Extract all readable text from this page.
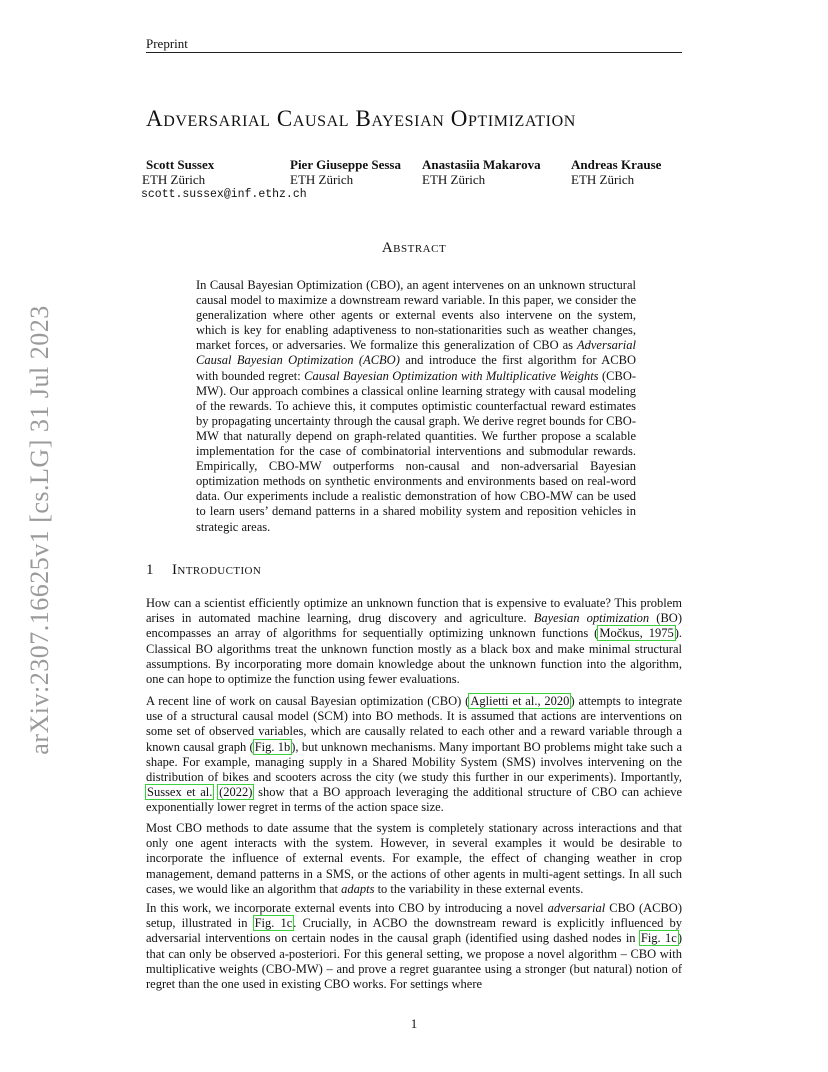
Preprint
arXiv:2307.16625v1 [cs.LG] 31 Jul 2023
Adversarial Causal Bayesian Optimization
Scott Sussex
ETH Zürich
Pier Giuseppe Sessa
ETH Zürich
Anastasiia Makarova
ETH Zürich
Andreas Krause
ETH Zürich
scott.sussex@inf.ethz.ch
Abstract
In Causal Bayesian Optimization (CBO), an agent intervenes on an unknown structural causal model to maximize a downstream reward variable. In this paper, we consider the generalization where other agents or external events also intervene on the system, which is key for enabling adaptiveness to non-stationarities such as weather changes, market forces, or adversaries. We formalize this generalization of CBO as Adversarial Causal Bayesian Optimization (ACBO) and introduce the first algorithm for ACBO with bounded regret: Causal Bayesian Optimization with Multiplicative Weights (CBO-MW). Our approach combines a classical online learning strategy with causal modeling of the rewards. To achieve this, it computes optimistic counterfactual reward estimates by propagating uncertainty through the causal graph. We derive regret bounds for CBO-MW that naturally depend on graph-related quantities. We further propose a scalable implementation for the case of combinatorial interventions and submodular rewards. Empirically, CBO-MW outperforms non-causal and non-adversarial Bayesian optimization methods on synthetic environments and environments based on real-word data. Our experiments include a realistic demonstration of how CBO-MW can be used to learn users’ demand patterns in a shared mobility system and reposition vehicles in strategic areas.
1 Introduction

How can a scientist efficiently optimize an unknown function that is expensive to evaluate? This problem arises in automated machine learning, drug discovery and agriculture. Bayesian optimization (BO) encompasses an array of algorithms for sequentially optimizing unknown functions (Močkus, 1975). Classical BO algorithms treat the unknown function mostly as a black box and make minimal structural assumptions. By incorporating more domain knowledge about the unknown function into the algorithm, one can hope to optimize the function using fewer evaluations.

A recent line of work on causal Bayesian optimization (CBO) (Aglietti et al., 2020) attempts to integrate use of a structural causal model (SCM) into BO methods. It is assumed that actions are interventions on some set of observed variables, which are causally related to each other and a reward variable through a known causal graph (Fig. 1b), but unknown mechanisms. Many important BO problems might take such a shape. For example, managing supply in a Shared Mobility System (SMS) involves intervening on the distribution of bikes and scooters across the city (we study this further in our experiments). Importantly, Sussex et al. (2022) show that a BO approach leveraging the additional structure of CBO can achieve exponentially lower regret in terms of the action space size.

Most CBO methods to date assume that the system is completely stationary across interactions and that only one agent interacts with the system. However, in several examples it would be desirable to incorporate the influence of external events. For example, the effect of changing weather in crop management, demand patterns in a SMS, or the actions of other agents in multi-agent settings. In all such cases, we would like an algorithm that adapts to the variability in these external events.

In this work, we incorporate external events into CBO by introducing a novel adversarial CBO (ACBO) setup, illustrated in Fig. 1c. Crucially, in ACBO the downstream reward is explicitly influenced by adversarial interventions on certain nodes in the causal graph (identified using dashed nodes in Fig. 1c) that can only be observed a-posteriori. For this general setting, we propose a novel algorithm – CBO with multiplicative weights (CBO-MW) – and prove a regret guarantee using a stronger (but natural) notion of regret than the one used in existing CBO works. For settings where

1
